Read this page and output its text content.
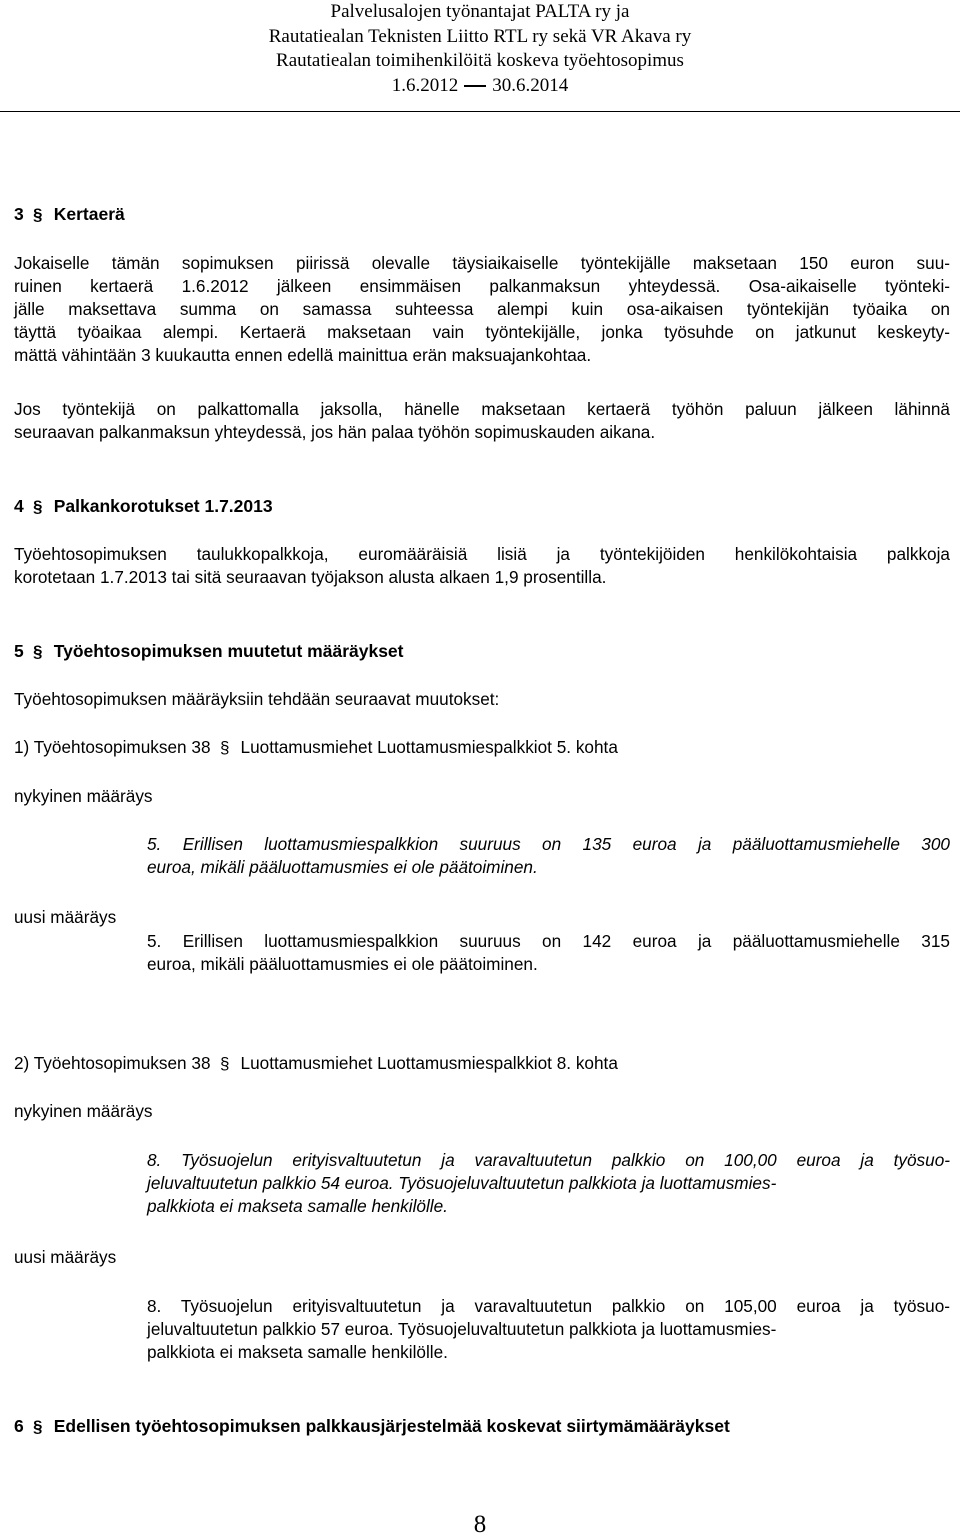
Palvelusalojen työnantajat PALTA ry ja
Rautatiealan Teknisten Liitto RTL ry sekä VR Akava ry
Rautatiealan toimihenkilöitä koskeva työehtosopimus
1.6.2012 30.6.2014
3 § Kertaerä
Jokaiselle tämän sopimuksen piirissä olevalle täysiaikaiselle työntekijälle maksetaan 150 euron suu-
ruinen kertaerä 1.6.2012 jälkeen ensimmäisen palkanmaksun yhteydessä. Osa-aikaiselle työnteki-
jälle maksettava summa on samassa suhteessa alempi kuin osa-aikaisen työntekijän työaika on
täyttä työaikaa alempi. Kertaerä maksetaan vain työntekijälle, jonka työsuhde on jatkunut keskeyty-
mättä vähintään 3 kuukautta ennen edellä mainittua erän maksuajankohtaa.
Jos työntekijä on palkattomalla jaksolla, hänelle maksetaan kertaerä työhön paluun jälkeen lähinnä
seuraavan palkanmaksun yhteydessä, jos hän palaa työhön sopimuskauden aikana.
4 § Palkankorotukset 1.7.2013
Työehtosopimuksen taulukkopalkkoja, euromääräisiä lisiä ja työntekijöiden henkilökohtaisia palkkoja
korotetaan 1.7.2013 tai sitä seuraavan työjakson alusta alkaen 1,9 prosentilla.
5 § Työehtosopimuksen muutetut määräykset
Työehtosopimuksen määräyksiin tehdään seuraavat muutokset:
1) Työehtosopimuksen 38 § Luottamusmiehet Luottamusmiespalkkiot 5. kohta
nykyinen määräys
5. Erillisen luottamusmiespalkkion suuruus on 135 euroa ja pääluottamusmiehelle 300
euroa, mikäli pääluottamusmies ei ole päätoiminen.
uusi määräys
5. Erillisen luottamusmiespalkkion suuruus on 142 euroa ja pääluottamusmiehelle 315
euroa, mikäli pääluottamusmies ei ole päätoiminen.
2) Työehtosopimuksen 38 § Luottamusmiehet Luottamusmiespalkkiot 8. kohta
nykyinen määräys
8. Työsuojelun erityisvaltuutetun ja varavaltuutetun palkkio on 100,00 euroa ja työsuo-
jeluvaltuutetun palkkio 54 euroa. Työsuojeluvaltuutetun palkkiota ja luottamusmies-
palkkiota ei makseta samalle henkilölle.
uusi määräys
8. Työsuojelun erityisvaltuutetun ja varavaltuutetun palkkio on 105,00 euroa ja työsuo-
jeluvaltuutetun palkkio 57 euroa. Työsuojeluvaltuutetun palkkiota ja luottamusmies-
palkkiota ei makseta samalle henkilölle.
6 § Edellisen työehtosopimuksen palkkausjärjestelmää koskevat siirtymämääräykset
8
